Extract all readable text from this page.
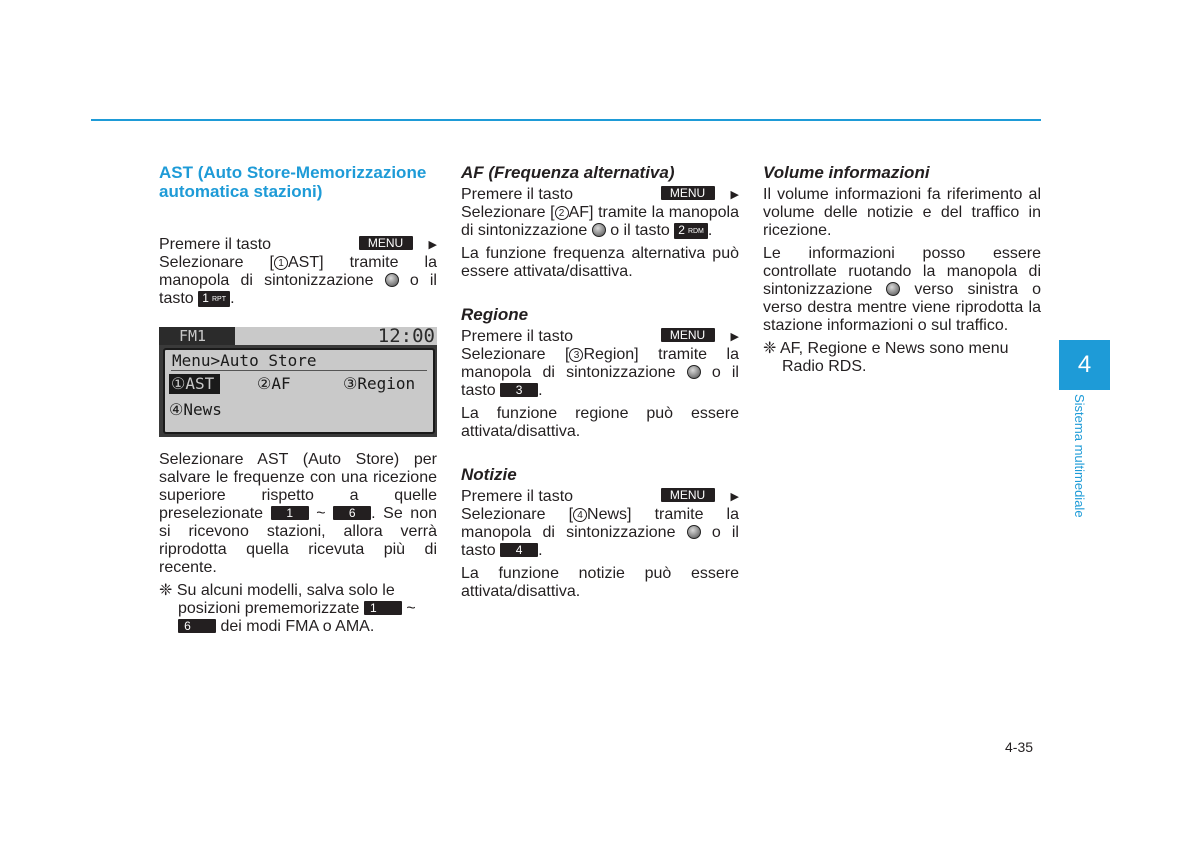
AST (Auto Store-Memorizzazione automatica stazioni)

Premere il tasto	▶
MENU

Selezionare [ 1 AST] tramite la manopola di sintonizzazione o il tasto 1 $_{RPT}$ .

FM1	12:00
Menu>Auto Store
①AST	②AF	③Region
④News

Selezionare AST (Auto Store) per salvare le frequenze con una ricezione superiore rispetto a quelle preselezionate 1 ~ 6 . Se non si ricevono stazioni, allora verrà riprodotta quella ricevuta più di recente.

❈ Su alcuni modelli, salva solo le posizioni prememorizzate 1 ~ 6 dei modi FMA o AMA.

AF (Frequenza alternativa)

Premere il tasto	▶
MENU

Selezionare [ 2 AF] tramite la manopola di sintonizzazione o il tasto 2 $_{RDM}$ .

La funzione frequenza alternativa può essere attivata/disattiva.

Regione

Premere il tasto	▶
MENU

Selezionare [ 3 Region] tramite la manopola di sintonizzazione o il tasto 3 .

La funzione regione può essere attivata/disattiva.

Notizie

Premere il tasto	▶
MENU

Selezionare [ 4 News] tramite la manopola di sintonizzazione o il tasto 4 .

La funzione notizie può essere attivata/disattiva.

Volume informazioni

Il volume informazioni fa riferimento al volume delle notizie e del traffico in ricezione.

Le informazioni posso essere controllate ruotando la manopola di sintonizzazione	verso sinistra o verso destra mentre viene riprodotta la stazione informazioni o sul traffico.

❈ AF, Regione e News sono menu Radio RDS.	4
Sistema multimediale
4-35
